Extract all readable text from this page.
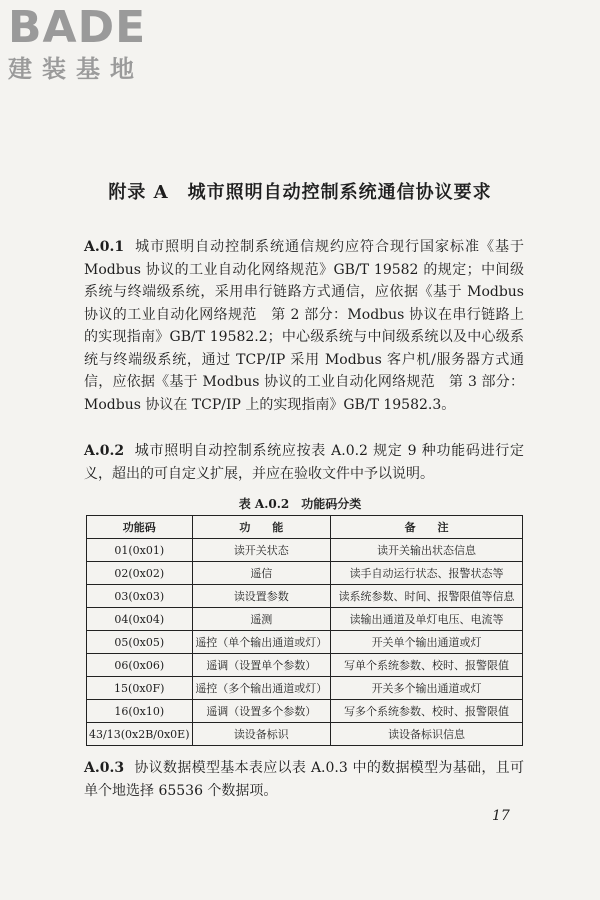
BADE
建装基地
附录 A　城市照明自动控制系统通信协议要求

A.0.1 城市照明自动控制系统通信规约应符合现行国家标准《基于 Modbus 协议的工业自动化网络规范》GB/T 19582 的规定；中间级系统与终端级系统，采用串行链路方式通信，应依据《基于 Modbus 协议的工业自动化网络规范　第 2 部分：Modbus 协议在串行链路上的实现指南》GB/T 19582.2；中心级系统与中间级系统以及中心级系统与终端级系统，通过 TCP/IP 采用 Modbus 客户机/服务器方式通信，应依据《基于 Modbus 协议的工业自动化网络规范　第 3 部分：Modbus 协议在 TCP/IP 上的实现指南》GB/T 19582.3。

A.0.2 城市照明自动控制系统应按表 A.0.2 规定 9 种功能码进行定义，超出的可自定义扩展，并应在验收文件中予以说明。

表 A.0.2　功能码分类

功能码	功　　能	备　　注
01(0x01)	读开关状态	读开关输出状态信息
02(0x02)	遥信	读手自动运行状态、报警状态等
03(0x03)	读设置参数	读系统参数、时间、报警限值等信息
04(0x04)	遥测	读输出通道及单灯电压、电流等
05(0x05)	遥控（单个输出通道或灯）	开关单个输出通道或灯
06(0x06)	遥调（设置单个参数）	写单个系统参数、校时、报警限值
15(0x0F)	遥控（多个输出通道或灯）	开关多个输出通道或灯
16(0x10)	遥调（设置多个参数）	写多个系统参数、校时、报警限值
43/13(0x2B/0x0E)	读设备标识	读设备标识信息

A.0.3 协议数据模型基本表应以表 A.0.3 中的数据模型为基础，且可单个地选择 65536 个数据项。

17
